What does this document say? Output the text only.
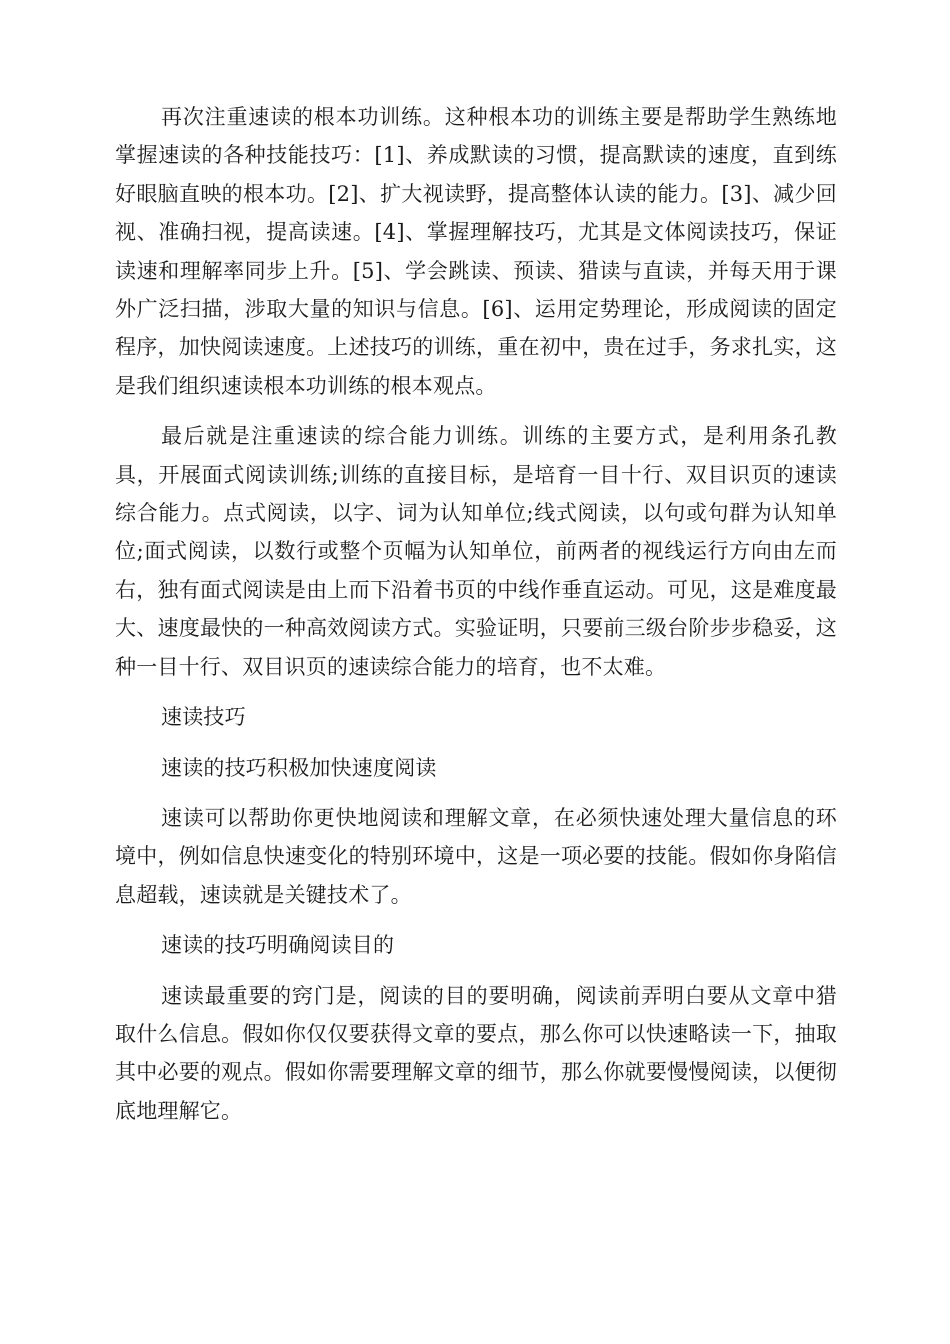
再次注重速读的根本功训练。这种根本功的训练主要是帮助学生熟练地掌握速读的各种技能技巧：[1]、养成默读的习惯，提高默读的速度，直到练好眼脑直映的根本功。[2]、扩大视读野，提高整体认读的能力。[3]、减少回视、准确扫视，提高读速。[4]、掌握理解技巧，尤其是文体阅读技巧，保证读速和理解率同步上升。[5]、学会跳读、预读、猎读与直读，并每天用于课外广泛扫描，涉取大量的知识与信息。[6]、运用定势理论，形成阅读的固定程序，加快阅读速度。上述技巧的训练，重在初中，贵在过手，务求扎实，这是我们组织速读根本功训练的根本观点。

最后就是注重速读的综合能力训练。训练的主要方式，是利用条孔教具，开展面式阅读训练;训练的直接目标，是培育一目十行、双目识页的速读综合能力。点式阅读，以字、词为认知单位;线式阅读，以句或句群为认知单位;面式阅读，以数行或整个页幅为认知单位，前两者的视线运行方向由左而右，独有面式阅读是由上而下沿着书页的中线作垂直运动。可见，这是难度最大、速度最快的一种高效阅读方式。实验证明，只要前三级台阶步步稳妥，这种一目十行、双目识页的速读综合能力的培育，也不太难。

速读技巧

速读的技巧积极加快速度阅读

速读可以帮助你更快地阅读和理解文章，在必须快速处理大量信息的环境中，例如信息快速变化的特别环境中，这是一项必要的技能。假如你身陷信息超载，速读就是关键技术了。

速读的技巧明确阅读目的

速读最重要的窍门是，阅读的目的要明确，阅读前弄明白要从文章中猎取什么信息。假如你仅仅要获得文章的要点，那么你可以快速略读一下，抽取其中必要的观点。假如你需要理解文章的细节，那么你就要慢慢阅读，以便彻底地理解它。
